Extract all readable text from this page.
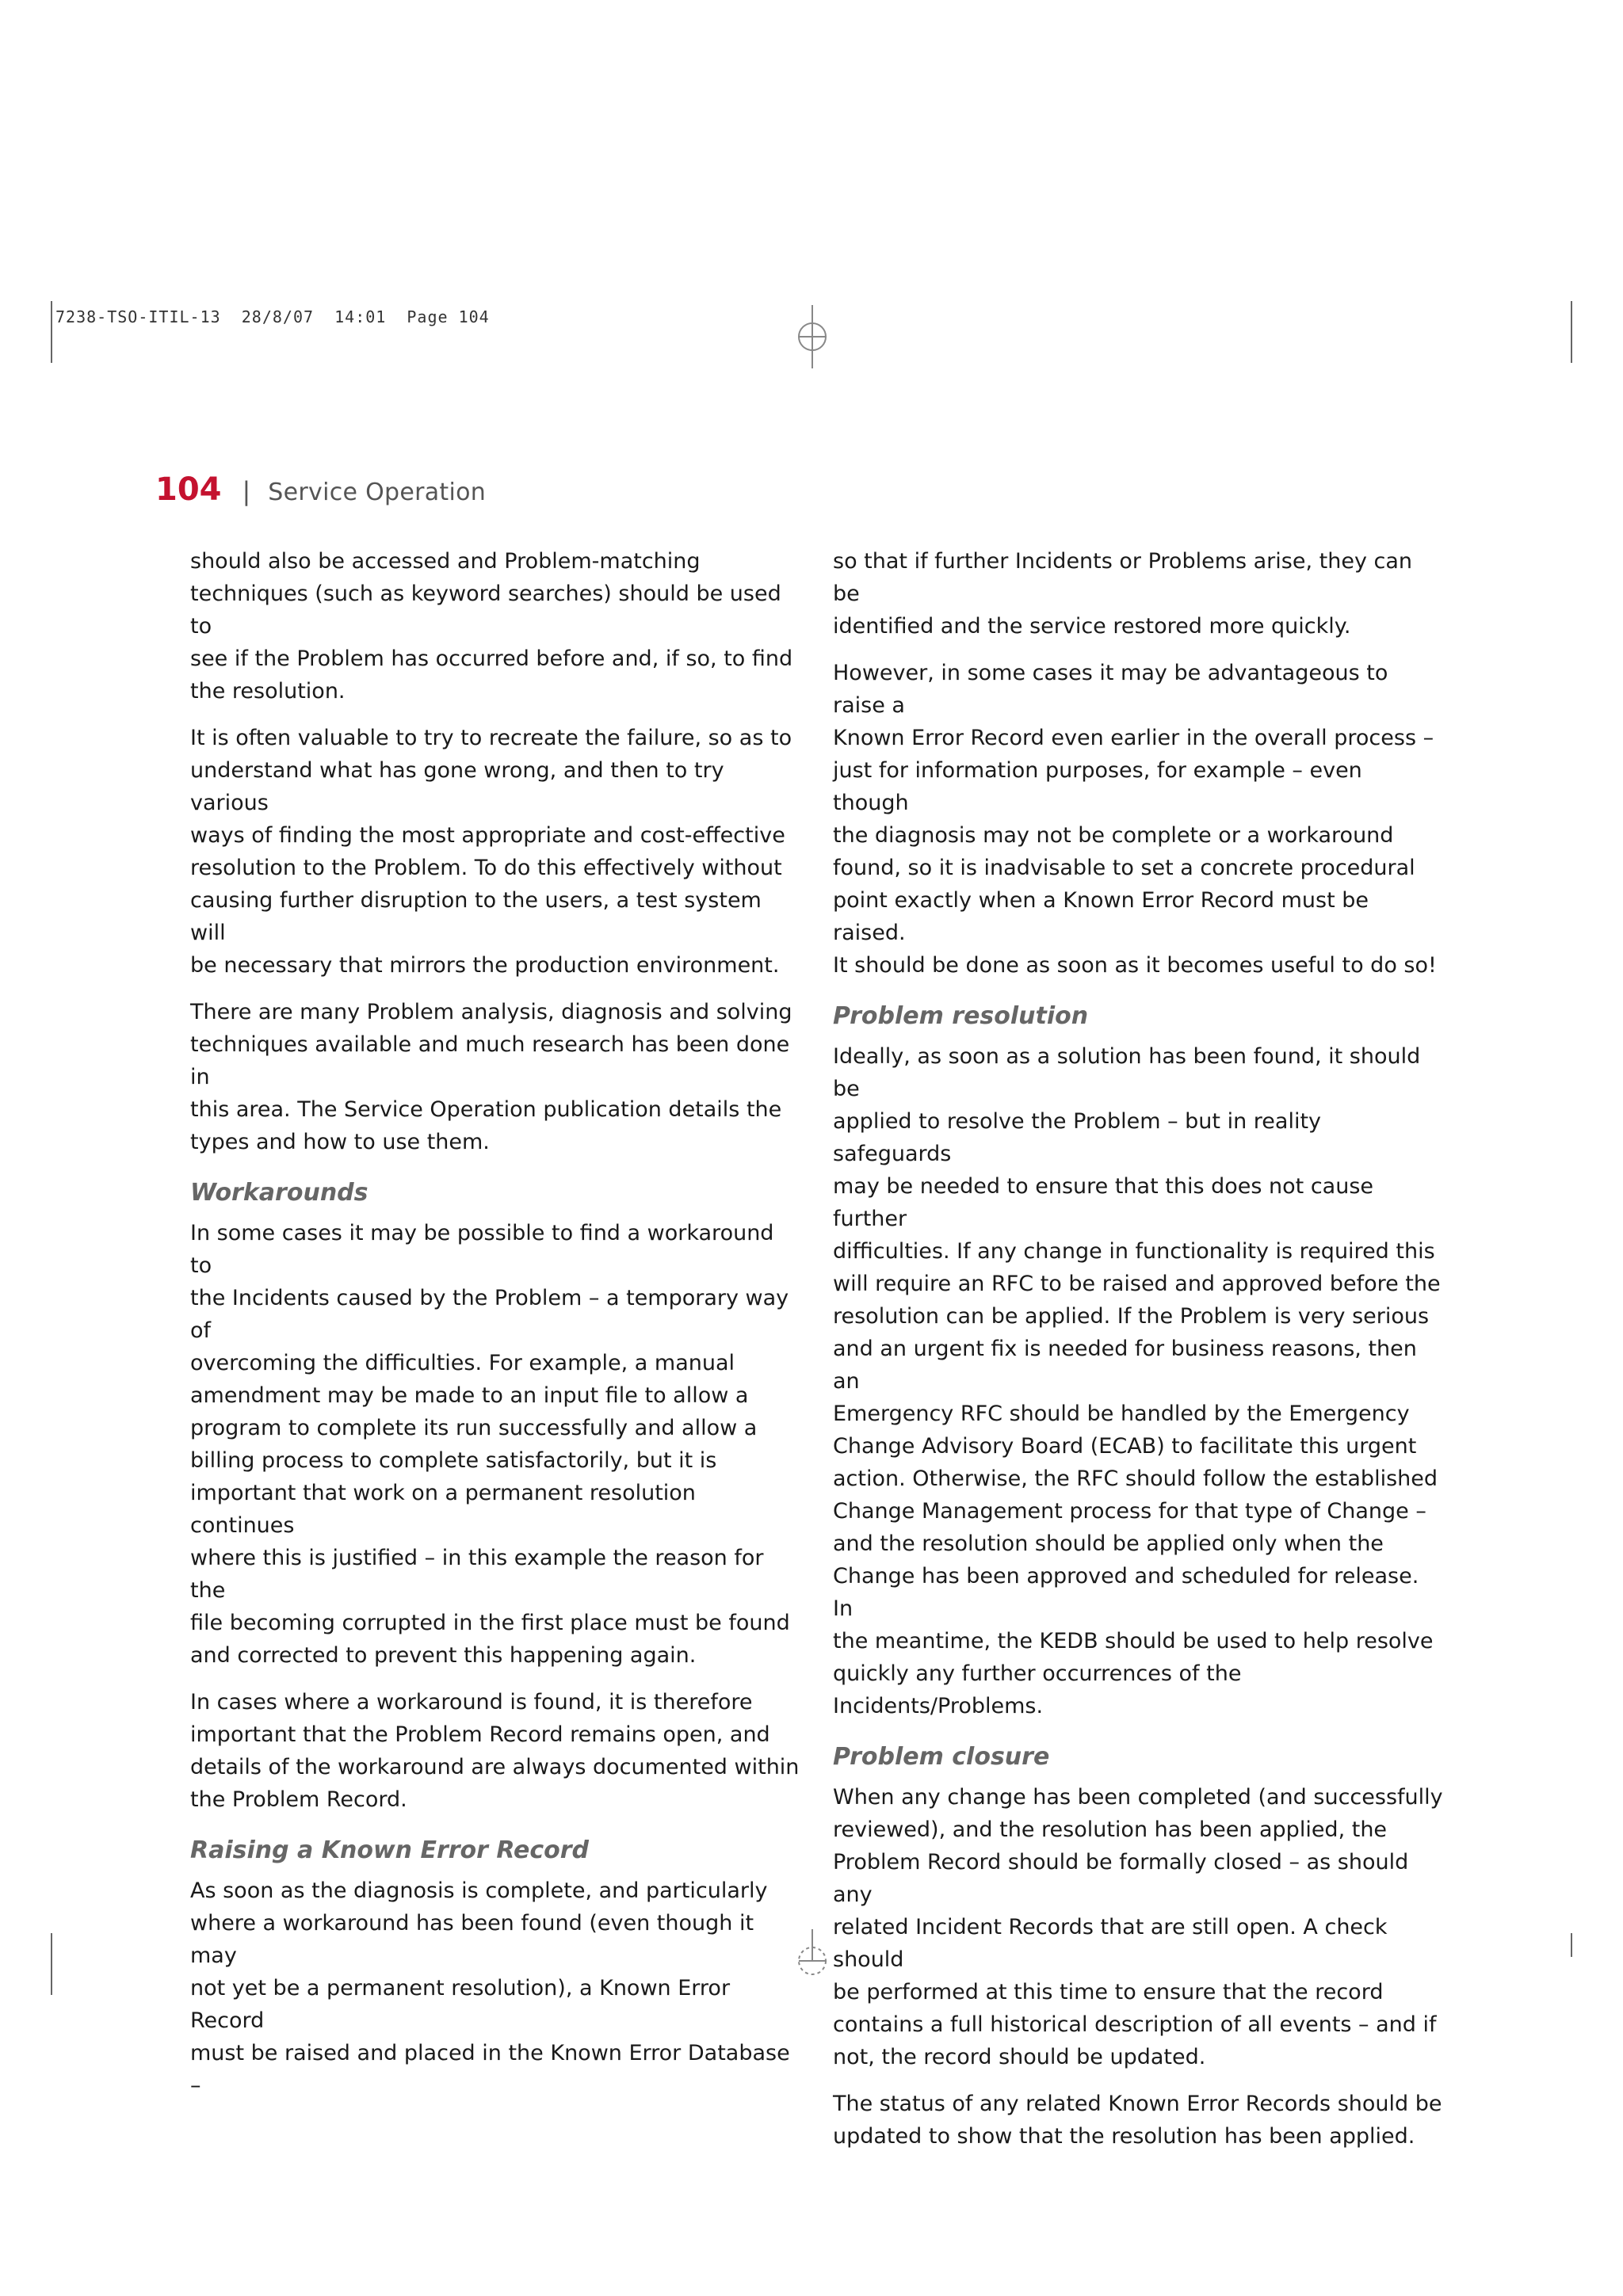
7238-TSO-ITIL-13  28/8/07  14:01  Page 104
104 | Service Operation

should also be accessed and Problem-matching
techniques (such as keyword searches) should be used to
see if the Problem has occurred before and, if so, to find
the resolution.

It is often valuable to try to recreate the failure, so as to
understand what has gone wrong, and then to try various
ways of finding the most appropriate and cost-effective
resolution to the Problem. To do this effectively without
causing further disruption to the users, a test system will
be necessary that mirrors the production environment.

There are many Problem analysis, diagnosis and solving
techniques available and much research has been done in
this area. The Service Operation publication details the
types and how to use them.

Workarounds

In some cases it may be possible to find a workaround to
the Incidents caused by the Problem – a temporary way of
overcoming the difficulties. For example, a manual
amendment may be made to an input file to allow a
program to complete its run successfully and allow a
billing process to complete satisfactorily, but it is
important that work on a permanent resolution continues
where this is justified – in this example the reason for the
file becoming corrupted in the first place must be found
and corrected to prevent this happening again.

In cases where a workaround is found, it is therefore
important that the Problem Record remains open, and
details of the workaround are always documented within
the Problem Record.

Raising a Known Error Record

As soon as the diagnosis is complete, and particularly
where a workaround has been found (even though it may
not yet be a permanent resolution), a Known Error Record
must be raised and placed in the Known Error Database –

so that if further Incidents or Problems arise, they can be
identified and the service restored more quickly.

However, in some cases it may be advantageous to raise a
Known Error Record even earlier in the overall process –
just for information purposes, for example – even though
the diagnosis may not be complete or a workaround
found, so it is inadvisable to set a concrete procedural
point exactly when a Known Error Record must be raised.
It should be done as soon as it becomes useful to do so!

Problem resolution

Ideally, as soon as a solution has been found, it should be
applied to resolve the Problem – but in reality safeguards
may be needed to ensure that this does not cause further
difficulties. If any change in functionality is required this
will require an RFC to be raised and approved before the
resolution can be applied. If the Problem is very serious
and an urgent fix is needed for business reasons, then an
Emergency RFC should be handled by the Emergency
Change Advisory Board (ECAB) to facilitate this urgent
action. Otherwise, the RFC should follow the established
Change Management process for that type of Change –
and the resolution should be applied only when the
Change has been approved and scheduled for release. In
the meantime, the KEDB should be used to help resolve
quickly any further occurrences of the Incidents/Problems.

Problem closure

When any change has been completed (and successfully
reviewed), and the resolution has been applied, the
Problem Record should be formally closed – as should any
related Incident Records that are still open. A check should
be performed at this time to ensure that the record
contains a full historical description of all events – and if
not, the record should be updated.

The status of any related Known Error Records should be
updated to show that the resolution has been applied.
